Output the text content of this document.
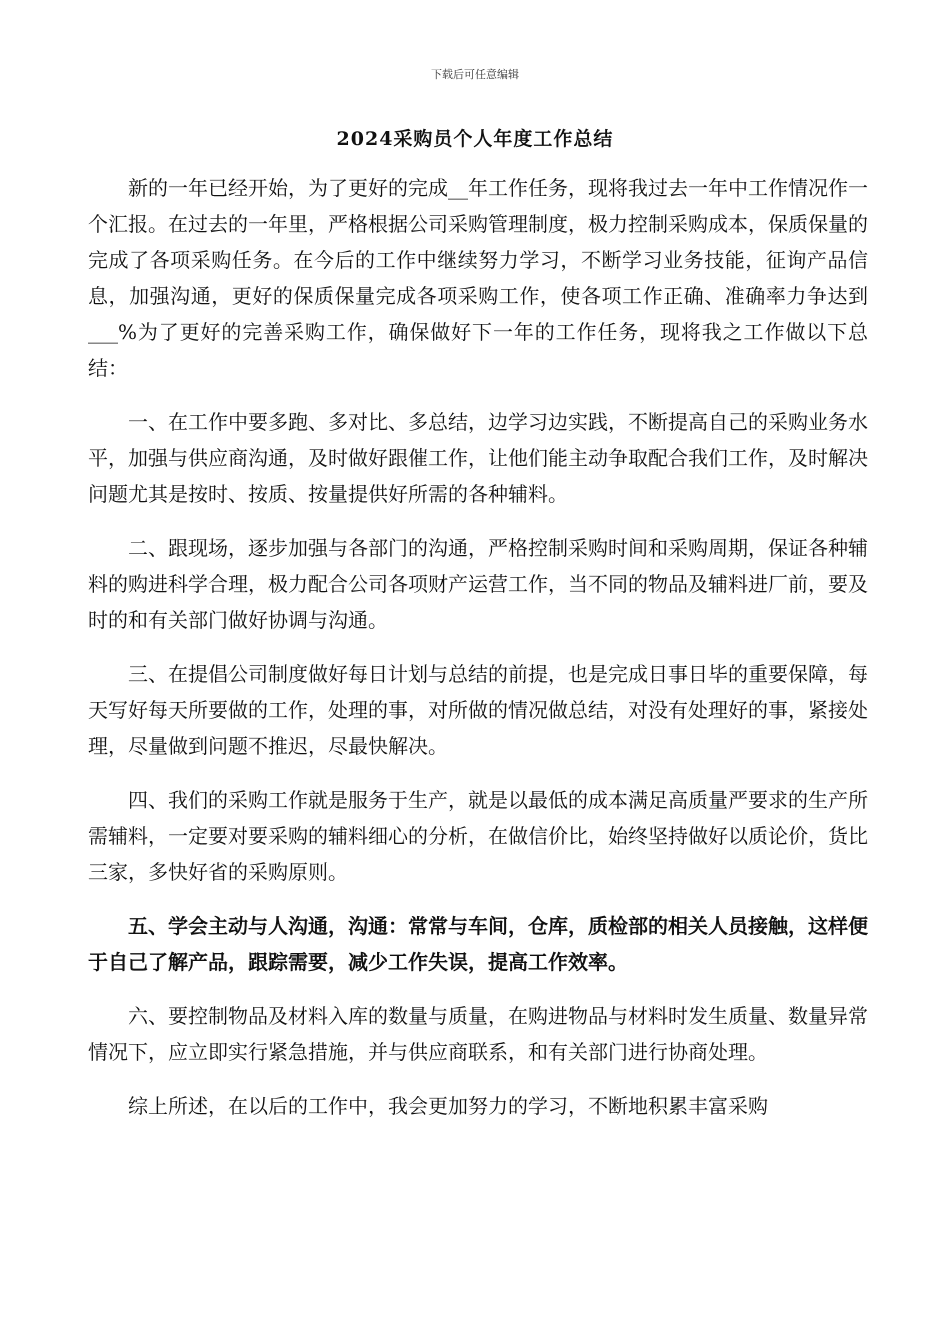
下载后可任意编辑
2024采购员个人年度工作总结

新的一年已经开始，为了更好的完成__年工作任务，现将我过去一年中工作情况作一个汇报。在过去的一年里，严格根据公司采购管理制度，极力控制采购成本，保质保量的完成了各项采购任务。在今后的工作中继续努力学习，不断学习业务技能，征询产品信息，加强沟通，更好的保质保量完成各项采购工作，使各项工作正确、准确率力争达到___%为了更好的完善采购工作，确保做好下一年的工作任务，现将我之工作做以下总结：

一、在工作中要多跑、多对比、多总结，边学习边实践，不断提高自己的采购业务水平，加强与供应商沟通，及时做好跟催工作，让他们能主动争取配合我们工作，及时解决问题尤其是按时、按质、按量提供好所需的各种辅料。

二、跟现场，逐步加强与各部门的沟通，严格控制采购时间和采购周期，保证各种辅料的购进科学合理，极力配合公司各项财产运营工作，当不同的物品及辅料进厂前，要及时的和有关部门做好协调与沟通。

三、在提倡公司制度做好每日计划与总结的前提，也是完成日事日毕的重要保障，每天写好每天所要做的工作，处理的事，对所做的情况做总结，对没有处理好的事，紧接处理，尽量做到问题不推迟，尽最快解决。

四、我们的采购工作就是服务于生产，就是以最低的成本满足高质量严要求的生产所需辅料，一定要对要采购的辅料细心的分析，在做信价比，始终坚持做好以质论价，货比三家，多快好省的采购原则。

五、学会主动与人沟通，沟通：常常与车间，仓库，质检部的相关人员接触，这样便于自己了解产品，跟踪需要，减少工作失误，提高工作效率。

六、要控制物品及材料入库的数量与质量，在购进物品与材料时发生质量、数量异常情况下，应立即实行紧急措施，并与供应商联系，和有关部门进行协商处理。

综上所述，在以后的工作中，我会更加努力的学习，不断地积累丰富采购
